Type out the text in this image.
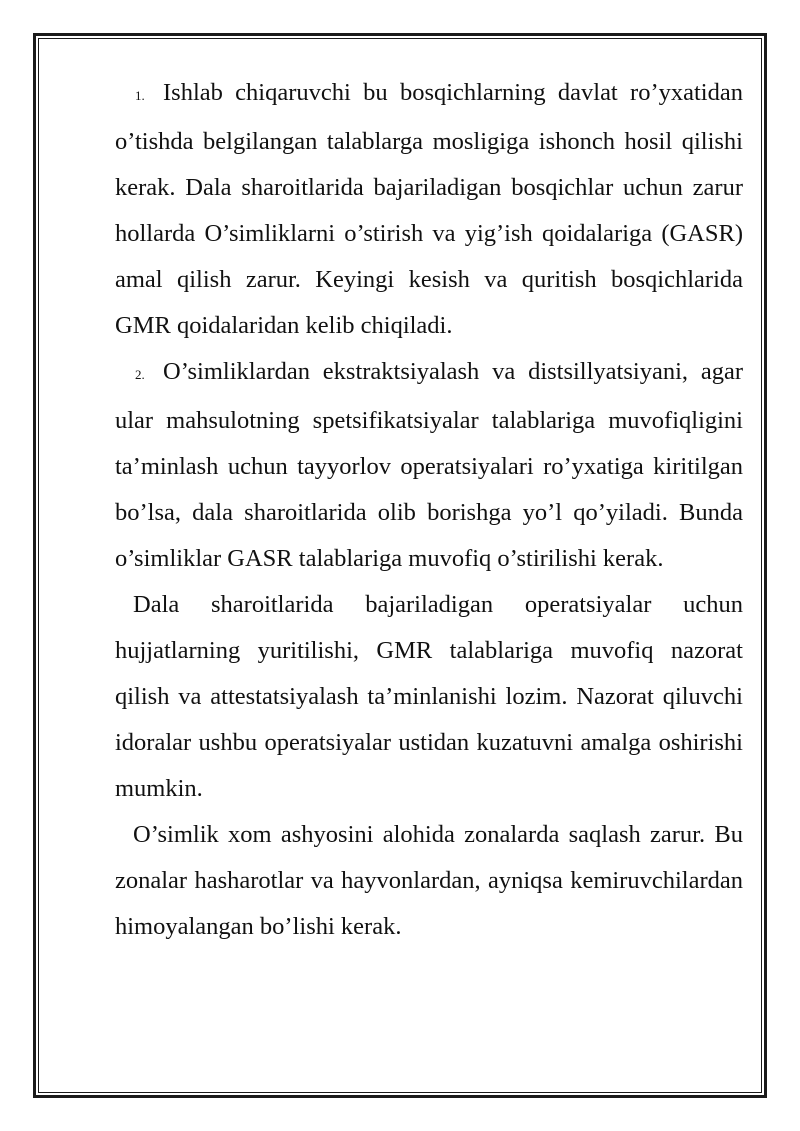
1. Ishlab chiqaruvchi bu bosqichlarning davlat ro’yxatidan o’tishda belgilangan talablarga mosligiga ishonch hosil qilishi kerak. Dala sharoitlarida bajariladigan bosqichlar uchun zarur hollarda O’simliklarni o’stirish va yig’ish qoidalariga (GASR) amal qilish zarur. Keyingi kesish va quritish bosqichlarida GMR qoidalaridan kelib chiqiladi.

2. O’simliklardan ekstraktsiyalash va distsillyatsiyani, agar ular mahsulotning spetsifikatsiyalar talablariga muvofiqligini ta’minlash uchun tayyorlov operatsiyalari ro’yxatiga kiritilgan bo’lsa, dala sharoitlarida olib borishga yo’l qo’yiladi. Bunda o’simliklar GASR talablariga muvofiq o’stirilishi kerak.

Dala sharoitlarida bajariladigan operatsiyalar uchun hujjatlarning yuritilishi, GMR talablariga muvofiq nazorat qilish va attestatsiyalash ta’minlanishi lozim. Nazorat qiluvchi idoralar ushbu operatsiyalar ustidan kuzatuvni amalga oshirishi mumkin.

O’simlik xom ashyosini alohida zonalarda saqlash zarur. Bu zonalar hasharotlar va hayvonlardan, ayniqsa kemiruvchilardan himoyalangan bo’lishi kerak.
